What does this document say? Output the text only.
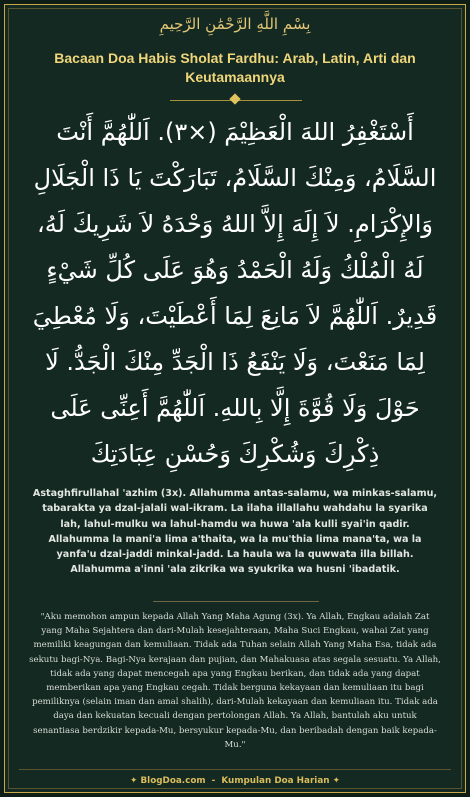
بِسْمِ اللَّهِ الرَّحْمَٰنِ الرَّحِيمِ
Bacaan Doa Habis Sholat Fardhu: Arab, Latin, Arti dan Keutamaannya
أَسْتَغْفِرُ اللهَ الْعَظِيْمَ (×٣). اَللّٰهُمَّ أَنْتَ السَّلَامُ، وَمِنْكَ السَّلَامُ، تَبَارَكْتَ يَا ذَا الْجَلَالِ وَالإِكْرَامِ. لاَ إِلَهَ إِلاَّ اللهُ وَحْدَهُ لاَ شَرِيكَ لَهُ، لَهُ الْمُلْكُ وَلَهُ الْحَمْدُ وَهُوَ عَلَى كُلِّ شَيْءٍ قَدِيرٌ. اَللّٰهُمَّ لاَ مَانِعَ لِمَا أَعْطَيْتَ، وَلَا مُعْطِيَ لِمَا مَنَعْتَ، وَلَا يَنْفَعُ ذَا الْجَدِّ مِنْكَ الْجَدُّ. لَا حَوْلَ وَلَا قُوَّةَ إِلَّا بِاللهِ. اَللّٰهُمَّ أَعِنِّى عَلَى ذِكْرِكَ وَشُكْرِكَ وَحُسْنِ عِبَادَتِكَ
Astaghfirullahal 'azhim (3x). Allahumma antas-salamu, wa minkas-salamu, tabarakta ya dzal-jalali wal-ikram. La ilaha illallahu wahdahu la syarika lah, lahul-mulku wa lahul-hamdu wa huwa 'ala kulli syai'in qadir. Allahumma la mani'a lima a'thaita, wa la mu'thia lima mana'ta, wa la yanfa'u dzal-jaddi minkal-jadd. La haula wa la quwwata illa billah. Allahumma a'inni 'ala zikrika wa syukrika wa husni 'ibadatik.
"Aku memohon ampun kepada Allah Yang Maha Agung (3x). Ya Allah, Engkau adalah Zat yang Maha Sejahtera dan dari-Mulah kesejahteraan, Maha Suci Engkau, wahai Zat yang memiliki keagungan dan kemuliaan. Tidak ada Tuhan selain Allah Yang Maha Esa, tidak ada sekutu bagi-Nya. Bagi-Nya kerajaan dan pujian, dan Mahakuasa atas segala sesuatu. Ya Allah, tidak ada yang dapat mencegah apa yang Engkau berikan, dan tidak ada yang dapat memberikan apa yang Engkau cegah. Tidak berguna kekayaan dan kemuliaan itu bagi pemiliknya (selain iman dan amal shalih), dari-Mulah kekayaan dan kemuliaan itu. Tidak ada daya dan kekuatan kecuali dengan pertolongan Allah. Ya Allah, bantulah aku untuk senantiasa berdzikir kepada-Mu, bersyukur kepada-Mu, dan beribadah dengan baik kepada-Mu."
✦ BlogDoa.com - Kumpulan Doa Harian ✦
